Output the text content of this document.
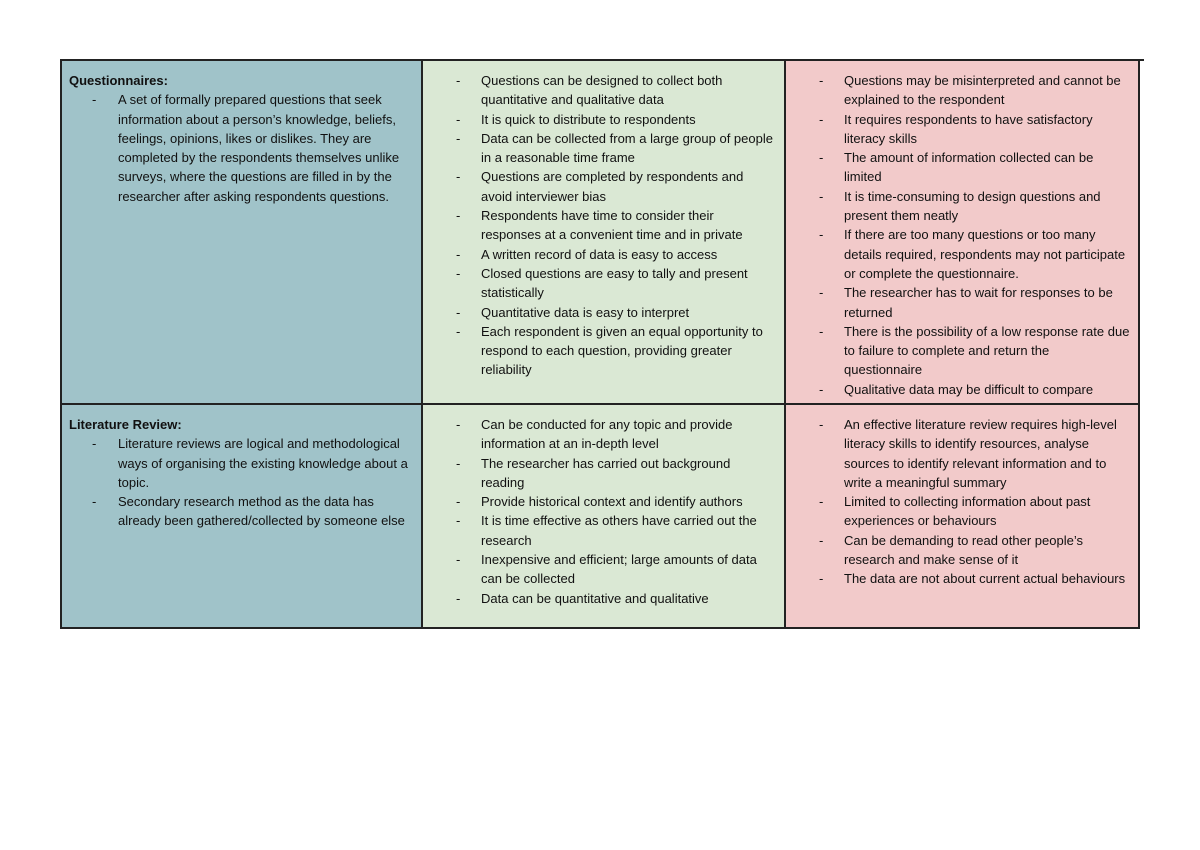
Questionnaires:

- A set of formally prepared questions that seek information about a person’s knowledge, beliefs, feelings, opinions, likes or dislikes. They are completed by the respondents themselves unlike surveys, where the questions are filled in by the researcher after asking respondents questions.
- Questions can be designed to collect both quantitative and qualitative data
- It is quick to distribute to respondents
- Data can be collected from a large group of people in a reasonable time frame
- Questions are completed by respondents and avoid interviewer bias
- Respondents have time to consider their responses at a convenient time and in private
- A written record of data is easy to access
- Closed questions are easy to tally and present statistically
- Quantitative data is easy to interpret
- Each respondent is given an equal opportunity to respond to each question, providing greater reliability
- Questions may be misinterpreted and cannot be explained to the respondent
- It requires respondents to have satisfactory literacy skills
- The amount of information collected can be limited
- It is time-consuming to design questions and present them neatly
- If there are too many questions or too many details required, respondents may not participate or complete the questionnaire.
- The researcher has to wait for responses to be returned
- There is the possibility of a low response rate due to failure to complete and return the questionnaire
- Qualitative data may be difficult to compare

Literature Review:

- Literature reviews are logical and methodological ways of organising the existing knowledge about a topic.
- Secondary research method as the data has already been gathered/collected by someone else
- Can be conducted for any topic and provide information at an in-depth level
- The researcher has carried out background reading
- Provide historical context and identify authors
- It is time effective as others have carried out the research
- Inexpensive and efficient; large amounts of data can be collected
- Data can be quantitative and qualitative
- An effective literature review requires high-level literacy skills to identify resources, analyse sources to identify relevant information and to write a meaningful summary
- Limited to collecting information about past experiences or behaviours
- Can be demanding to read other people’s research and make sense of it
- The data are not about current actual behaviours
